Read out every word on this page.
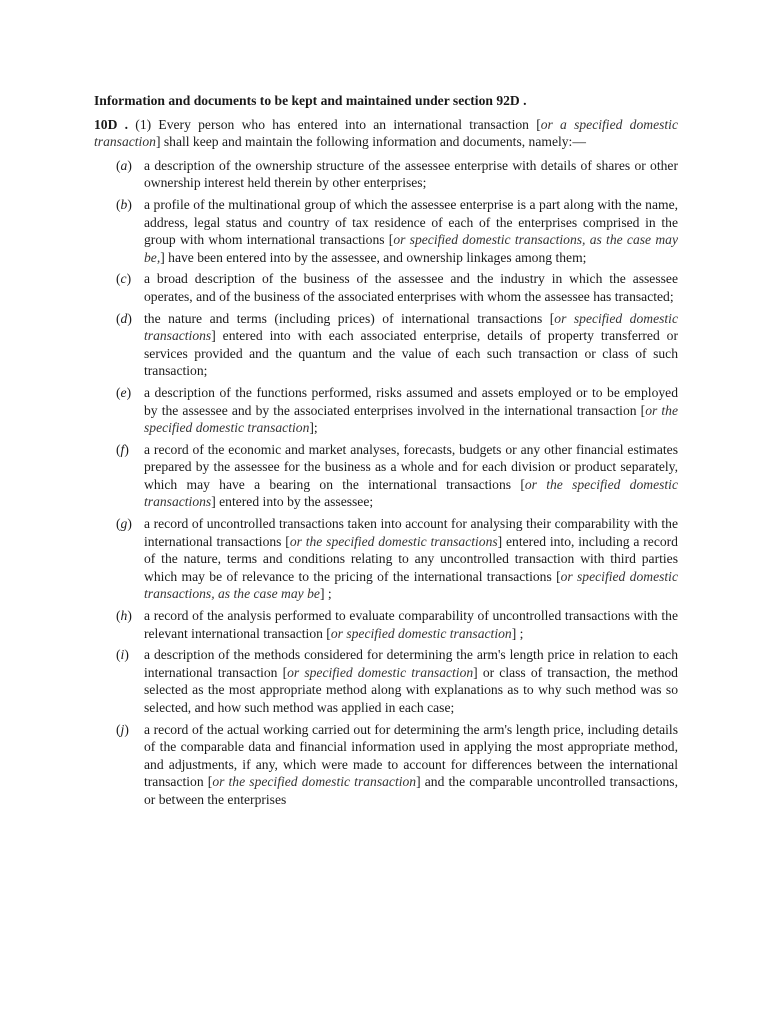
Information and documents to be kept and maintained under section 92D .

10D . (1) Every person who has entered into an international transaction [or a specified domestic transaction] shall keep and maintain the following information and documents, namely:—

(a) a description of the ownership structure of the assessee enterprise with details of shares or other ownership interest held therein by other enterprises;
(b) a profile of the multinational group of which the assessee enterprise is a part along with the name, address, legal status and country of tax residence of each of the enterprises comprised in the group with whom international transactions [or specified domestic transactions, as the case may be,] have been entered into by the assessee, and ownership linkages among them;
(c) a broad description of the business of the assessee and the industry in which the assessee operates, and of the business of the associated enterprises with whom the assessee has transacted;
(d) the nature and terms (including prices) of international transactions [or specified domestic transactions] entered into with each associated enterprise, details of property transferred or services provided and the quantum and the value of each such transaction or class of such transaction;
(e) a description of the functions performed, risks assumed and assets employed or to be employed by the assessee and by the associated enterprises involved in the international transaction [or the specified domestic transaction];
(f)	a record of the economic and market analyses, forecasts, budgets or any other financial estimates prepared by the assessee for the business as a whole and for each division or product separately, which may have a bearing on the international transactions [or the specified domestic transactions] entered into by the assessee;
(g) a record of uncontrolled transactions taken into account for analysing their comparability with the international transactions [or the specified domestic transactions] entered into, including a record of the nature, terms and conditions relating to any uncontrolled transaction with third parties which may be of relevance to the pricing of the international transactions [or specified domestic transactions, as the case may be] ;
(h) a record of the analysis performed to evaluate comparability of uncontrolled transactions with the relevant international transaction [or specified domestic transaction] ;
(i)	a description of the methods considered for determining the arm's length price in relation to each international transaction [or specified domestic transaction] or class of transaction, the method selected as the most appropriate method along with explanations as to why such method was so selected, and how such method was applied in each case;
(j)	a record of the actual working carried out for determining the arm's length price, including details of the comparable data and financial information used in applying the most appropriate method, and adjustments, if any, which were made to account for differences between the international transaction [or the specified domestic transaction] and the comparable uncontrolled transactions, or between the enterprises
